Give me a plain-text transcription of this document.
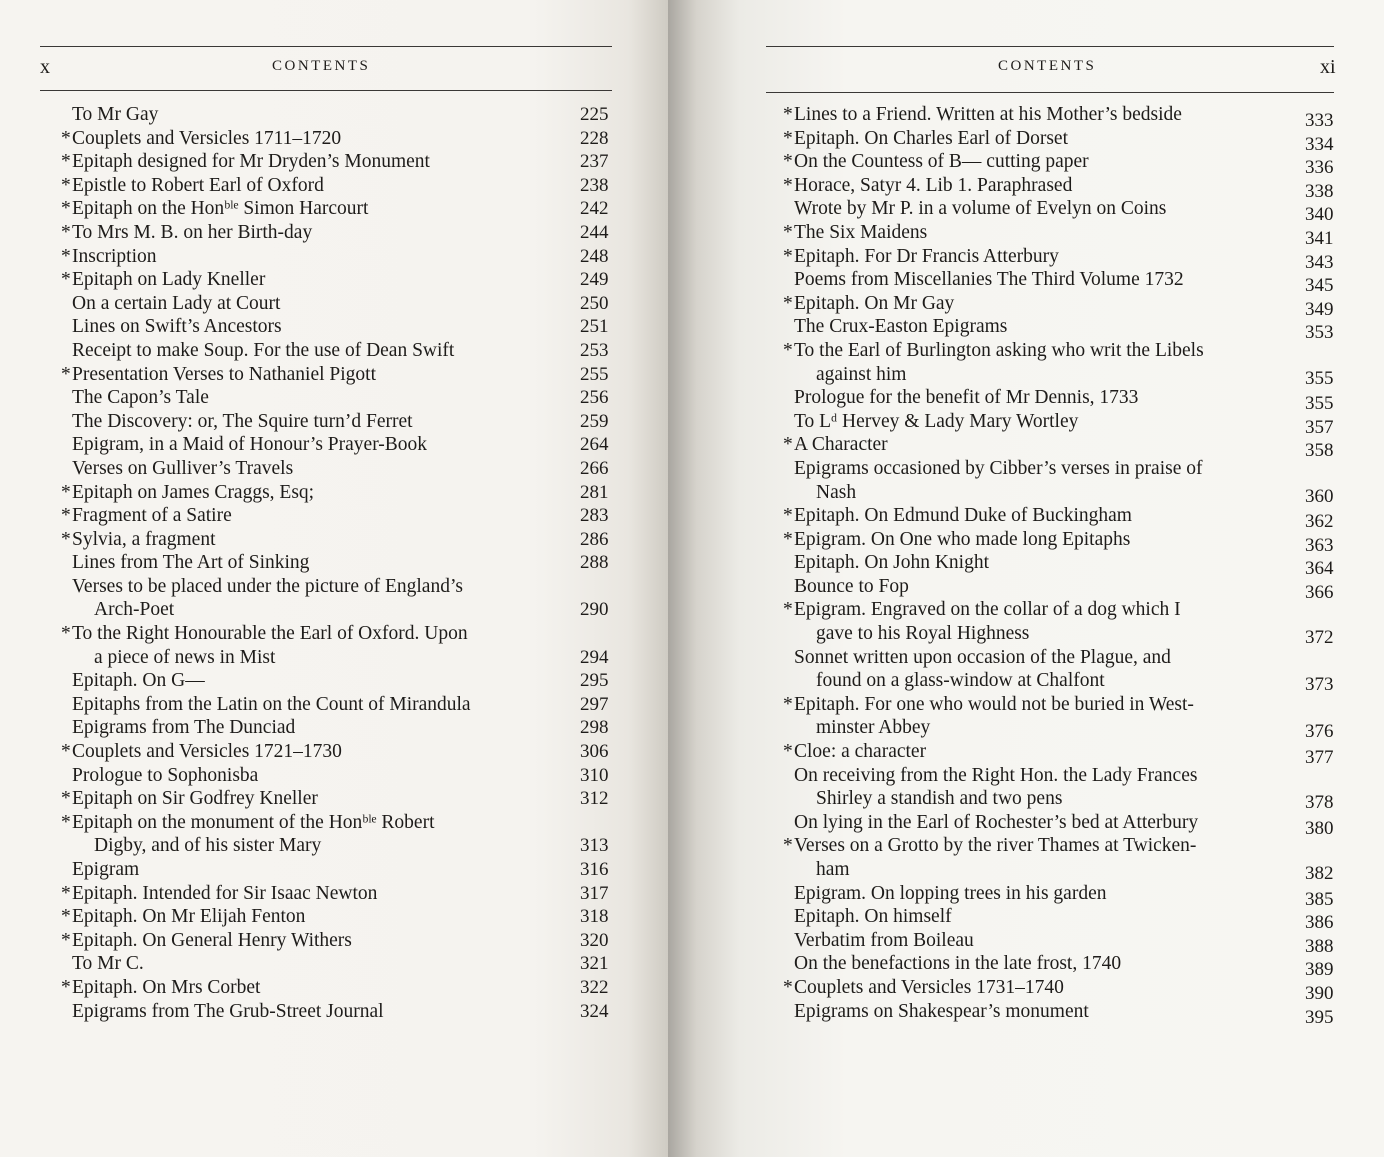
x	CONTENTS
To Mr Gay	225
* Couplets and Versicles 1711–1720	228
* Epitaph designed for Mr Dryden’s Monument	237
* Epistle to Robert Earl of Oxford	238
* Epitaph on the Honᵇˡᵉ Simon Harcourt	242
* To Mrs M. B. on her Birth-day	244
* Inscription	248
* Epitaph on Lady Kneller	249
On a certain Lady at Court	250
Lines on Swift’s Ancestors	251
Receipt to make Soup. For the use of Dean Swift	253
* Presentation Verses to Nathaniel Pigott	255
The Capon’s Tale	256
The Discovery: or, The Squire turn’d Ferret	259
Epigram, in a Maid of Honour’s Prayer-Book	264
Verses on Gulliver’s Travels	266
* Epitaph on James Craggs, Esq;	281
* Fragment of a Satire	283
* Sylvia, a fragment	286
Lines from The Art of Sinking	288
Verses to be placed under the picture of England’s
Arch-Poet	290
* To the Right Honourable the Earl of Oxford. Upon
a piece of news in Mist	294
Epitaph. On G—	295
Epitaphs from the Latin on the Count of Mirandula	297
Epigrams from The Dunciad	298
* Couplets and Versicles 1721–1730	306
Prologue to Sophonisba	310
* Epitaph on Sir Godfrey Kneller	312
* Epitaph on the monument of the Honᵇˡᵉ Robert
Digby, and of his sister Mary	313
Epigram	316
* Epitaph. Intended for Sir Isaac Newton	317
* Epitaph. On Mr Elijah Fenton	318
* Epitaph. On General Henry Withers	320
To Mr C.	321
* Epitaph. On Mrs Corbet	322
Epigrams from The Grub-Street Journal	324
CONTENTS	xi
* Lines to a Friend. Written at his Mother’s bedside	333
* Epitaph. On Charles Earl of Dorset	334
* On the Countess of B— cutting paper	336
* Horace, Satyr 4. Lib 1. Paraphrased	338
Wrote by Mr P. in a volume of Evelyn on Coins	340
* The Six Maidens	341
* Epitaph. For Dr Francis Atterbury	343
Poems from Miscellanies The Third Volume 1732	345
* Epitaph. On Mr Gay	349
The Crux-Easton Epigrams	353
* To the Earl of Burlington asking who writ the Libels
against him	355
Prologue for the benefit of Mr Dennis, 1733	355
To Lᵈ Hervey & Lady Mary Wortley	357
* A Character	358
Epigrams occasioned by Cibber’s verses in praise of
Nash	360
* Epitaph. On Edmund Duke of Buckingham	362
* Epigram. On One who made long Epitaphs	363
Epitaph. On John Knight	364
Bounce to Fop	366
* Epigram. Engraved on the collar of a dog which I
gave to his Royal Highness	372
Sonnet written upon occasion of the Plague, and
found on a glass-window at Chalfont	373
* Epitaph. For one who would not be buried in West-
minster Abbey	376
* Cloe: a character	377
On receiving from the Right Hon. the Lady Frances
Shirley a standish and two pens	378
On lying in the Earl of Rochester’s bed at Atterbury	380
* Verses on a Grotto by the river Thames at Twicken-
ham	382
Epigram. On lopping trees in his garden	385
Epitaph. On himself	386
Verbatim from Boileau	388
On the benefactions in the late frost, 1740	389
* Couplets and Versicles 1731–1740	390
Epigrams on Shakespear’s monument	395
